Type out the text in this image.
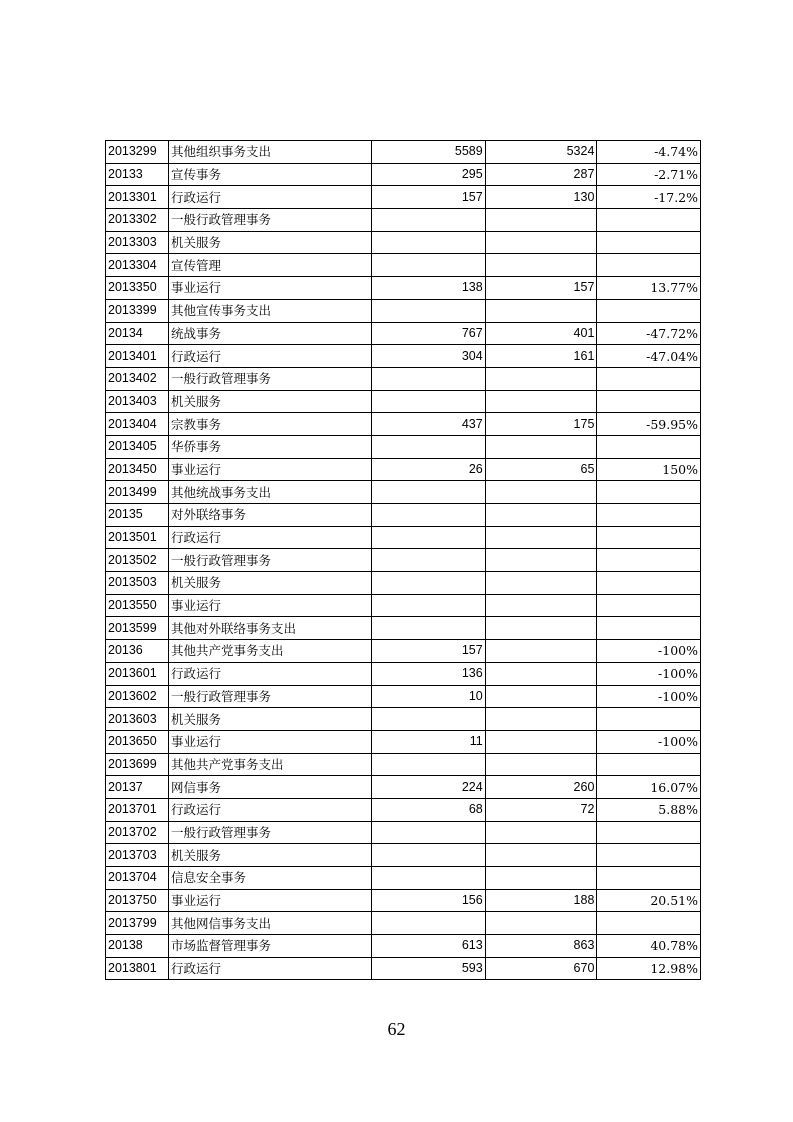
2013299	其他组织事务支出	5589	5324	-4.74%
20133	宣传事务	295	287	-2.71%
2013301	行政运行	157	130	-17.2%
2013302	一般行政管理事务			
2013303	机关服务			
2013304	宣传管理			
2013350	事业运行	138	157	13.77%
2013399	其他宣传事务支出			
20134	统战事务	767	401	-47.72%
2013401	行政运行	304	161	-47.04%
2013402	一般行政管理事务			
2013403	机关服务			
2013404	宗教事务	437	175	-59.95%
2013405	华侨事务			
2013450	事业运行	26	65	150%
2013499	其他统战事务支出			
20135	对外联络事务			
2013501	行政运行			
2013502	一般行政管理事务			
2013503	机关服务			
2013550	事业运行			
2013599	其他对外联络事务支出			
20136	其他共产党事务支出	157		-100%
2013601	行政运行	136		-100%
2013602	一般行政管理事务	10		-100%
2013603	机关服务			
2013650	事业运行	11		-100%
2013699	其他共产党事务支出			
20137	网信事务	224	260	16.07%
2013701	行政运行	68	72	5.88%
2013702	一般行政管理事务			
2013703	机关服务			
2013704	信息安全事务			
2013750	事业运行	156	188	20.51%
2013799	其他网信事务支出			
20138	市场监督管理事务	613	863	40.78%
2013801	行政运行	593	670	12.98%
62
